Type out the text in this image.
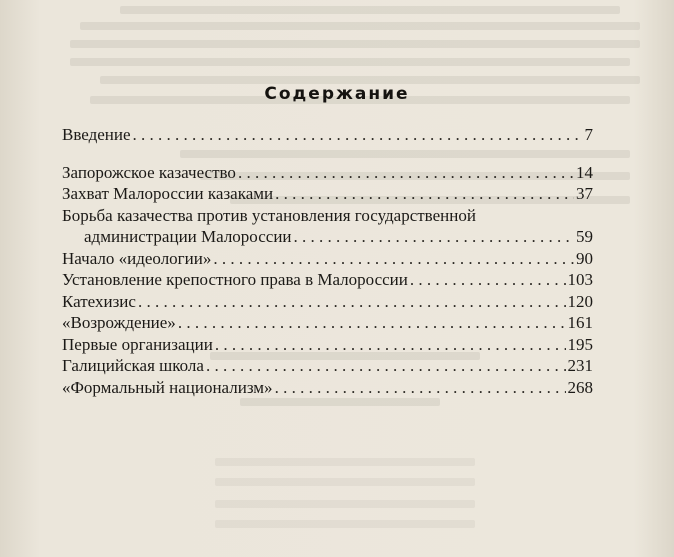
Содержание
Введение . . .	7
Запорожское казачество . . .	14
Захват Малороссии казаками . . .	37
Борьба казачества против установления государственной
администрации Малороссии . . .	59
Начало «идеологии» . . .	90
Установление крепостного права в Малороссии . . .	103
Катехизис . . .	120
«Возрождение» . . .	161
Первые организации . . .	195
Галицийская школа . . .	231
«Формальный национализм» . . .	268
